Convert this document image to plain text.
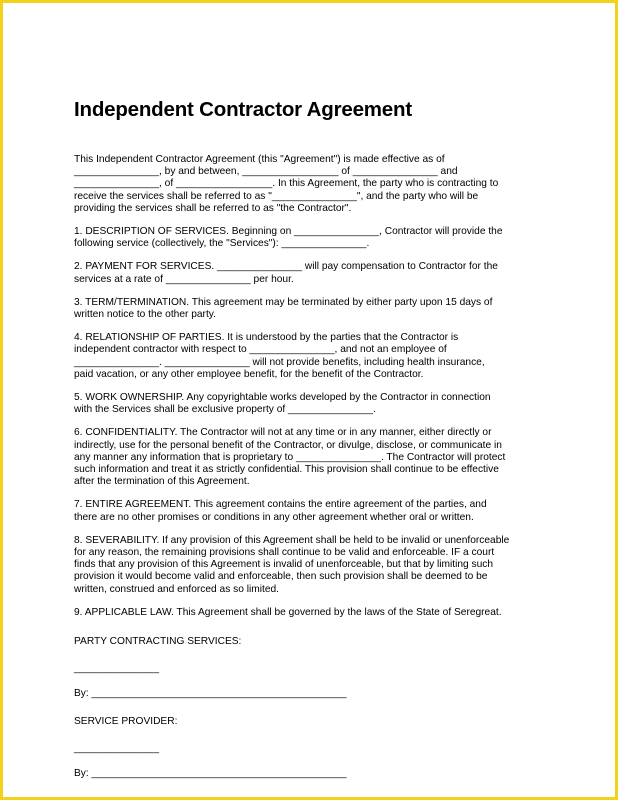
Independent Contractor Agreement
This Independent Contractor Agreement (this "Agreement") is made effective as of
_______________, by and between, _________________ of _______________ and
_______________, of _________________. In this Agreement, the party who is contracting to
receive the services shall be referred to as "_______________", and the party who will be
providing the services shall be referred to as "the Contractor".
1. DESCRIPTION OF SERVICES. Beginning on _______________, Contractor will provide the
following service (collectively, the "Services"): _______________.
2. PAYMENT FOR SERVICES. _______________ will pay compensation to Contractor for the
services at a rate of _______________ per hour.
3. TERM/TERMINATION. This agreement may be terminated by either party upon 15 days of
written notice to the other party.
4. RELATIONSHIP OF PARTIES. It is understood by the parties that the Contractor is
independent contractor with respect to _______________, and not an employee of
_______________. _______________ will not provide benefits, including health insurance,
paid vacation, or any other employee benefit, for the benefit of the Contractor.
5. WORK OWNERSHIP. Any copyrightable works developed by the Contractor in connection
with the Services shall be exclusive property of _______________.
6. CONFIDENTIALITY. The Contractor will not at any time or in any manner, either directly or
indirectly, use for the personal benefit of the Contractor, or divulge, disclose, or communicate in
any manner any information that is proprietary to _______________. The Contractor will protect
such information and treat it as strictly confidential. This provision shall continue to be effective
after the termination of this Agreement.
7. ENTIRE AGREEMENT. This agreement contains the entire agreement of the parties, and
there are no other promises or conditions in any other agreement whether oral or written.
8. SEVERABILITY. If any provision of this Agreement shall be held to be invalid or unenforceable
for any reason, the remaining provisions shall continue to be valid and enforceable. IF a court
finds that any provision of this Agreement is invalid of unenforceable, but that by limiting such
provision it would become valid and enforceable, then such provision shall be deemed to be
written, construed and enforced as so limited.
9. APPLICABLE LAW. This Agreement shall be governed by the laws of the State of Seregreat.
PARTY CONTRACTING SERVICES:
_______________
By: _____________________________________________
SERVICE PROVIDER:
_______________
By: _____________________________________________
